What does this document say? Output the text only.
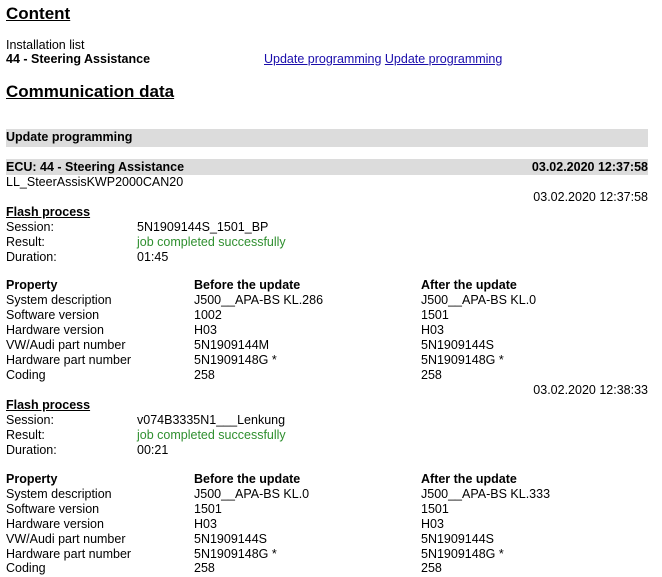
Content
Installation list
44 - Steering Assistance	Update programming Update programming
Communication data
Update programming
ECU: 44 - Steering Assistance	03.02.2020 12:37:58
LL_SteerAssisKWP2000CAN20
03.02.2020 12:37:58
Flash process
Session:	5N1909144S_1501_BP
Result:	job completed successfully
Duration:	01:45
Property	Before the update	After the update
System description	J500__APA-BS KL.286	J500__APA-BS KL.0
Software version	1002	1501
Hardware version	H03	H03
VW/Audi part number	5N1909144M	5N1909144S
Hardware part number	5N1909148G *	5N1909148G *
Coding	258	258
03.02.2020 12:38:33
Flash process
Session:	v074B3335N1___Lenkung
Result:	job completed successfully
Duration:	00:21
Property	Before the update	After the update
System description	J500__APA-BS KL.0	J500__APA-BS KL.333
Software version	1501	1501
Hardware version	H03	H03
VW/Audi part number	5N1909144S	5N1909144S
Hardware part number	5N1909148G *	5N1909148G *
Coding	258	258
